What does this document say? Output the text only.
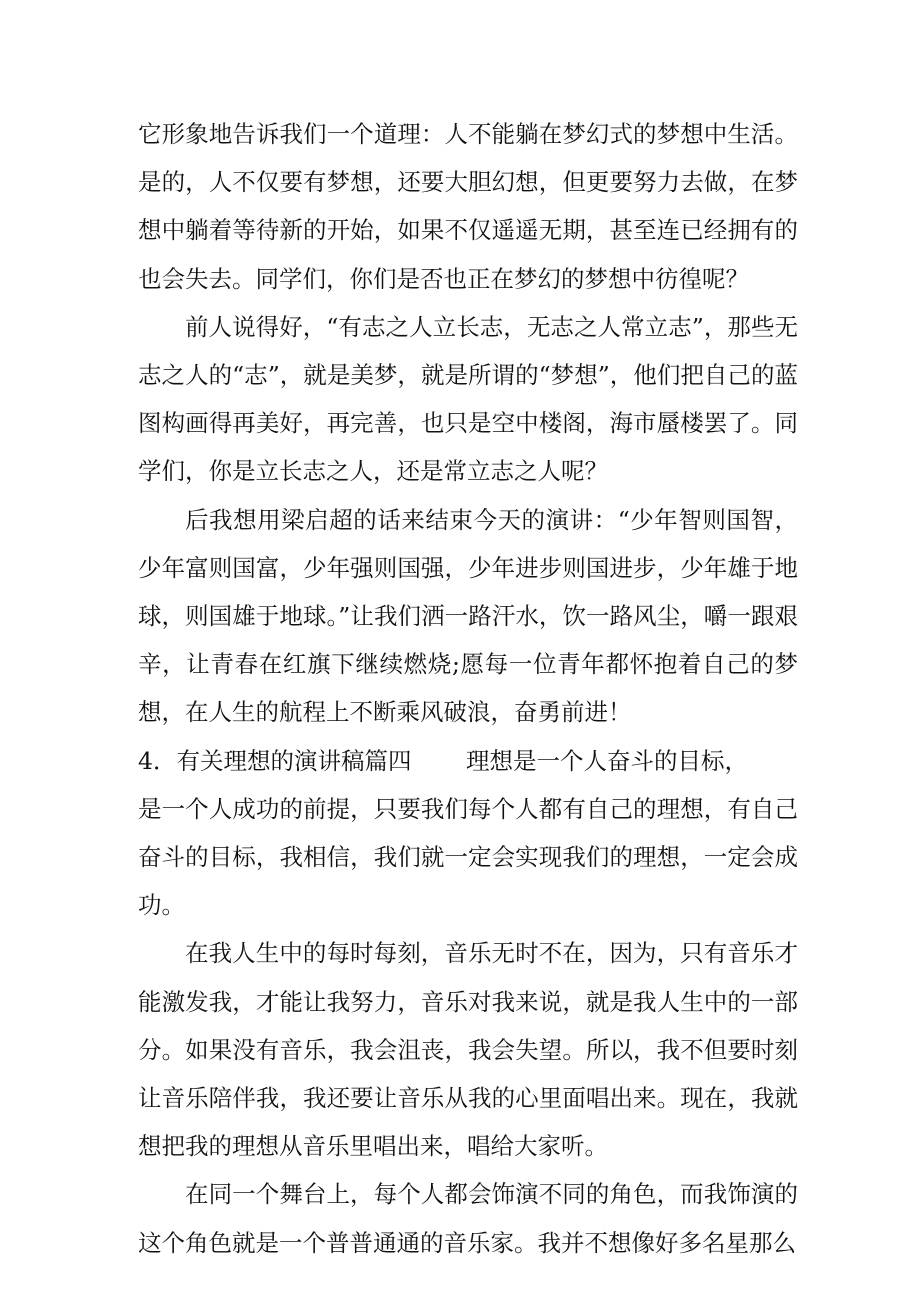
它形象地告诉我们一个道理：人不能躺在梦幻式的梦想中生活。是的，人不仅要有梦想，还要大胆幻想，但更要努力去做，在梦想中躺着等待新的开始，如果不仅遥遥无期，甚至连已经拥有的也会失去。同学们，你们是否也正在梦幻的梦想中彷徨呢？

前人说得好，“有志之人立长志，无志之人常立志”，那些无志之人的“志”，就是美梦，就是所谓的“梦想”，他们把自己的蓝图构画得再美好，再完善，也只是空中楼阁，海市蜃楼罢了。同学们，你是立长志之人，还是常立志之人呢？

后我想用梁启超的话来结束今天的演讲：“少年智则国智，少年富则国富，少年强则国强，少年进步则国进步，少年雄于地球，则国雄于地球。”让我们洒一路汗水，饮一路风尘，嚼一跟艰辛，让青春在红旗下继续燃烧;愿每一位青年都怀抱着自己的梦想，在人生的航程上不断乘风破浪，奋勇前进！

4．有关理想的演讲稿篇四 理想是一个人奋斗的目标，

是一个人成功的前提，只要我们每个人都有自己的理想，有自己奋斗的目标，我相信，我们就一定会实现我们的理想，一定会成功。

在我人生中的每时每刻，音乐无时不在，因为，只有音乐才能激发我，才能让我努力，音乐对我来说，就是我人生中的一部分。如果没有音乐，我会沮丧，我会失望。所以，我不但要时刻让音乐陪伴我，我还要让音乐从我的心里面唱出来。现在，我就想把我的理想从音乐里唱出来，唱给大家听。

在同一个舞台上，每个人都会饰演不同的角色，而我饰演的这个角色就是一个普普通通的音乐家。我并不想像好多名星那么
